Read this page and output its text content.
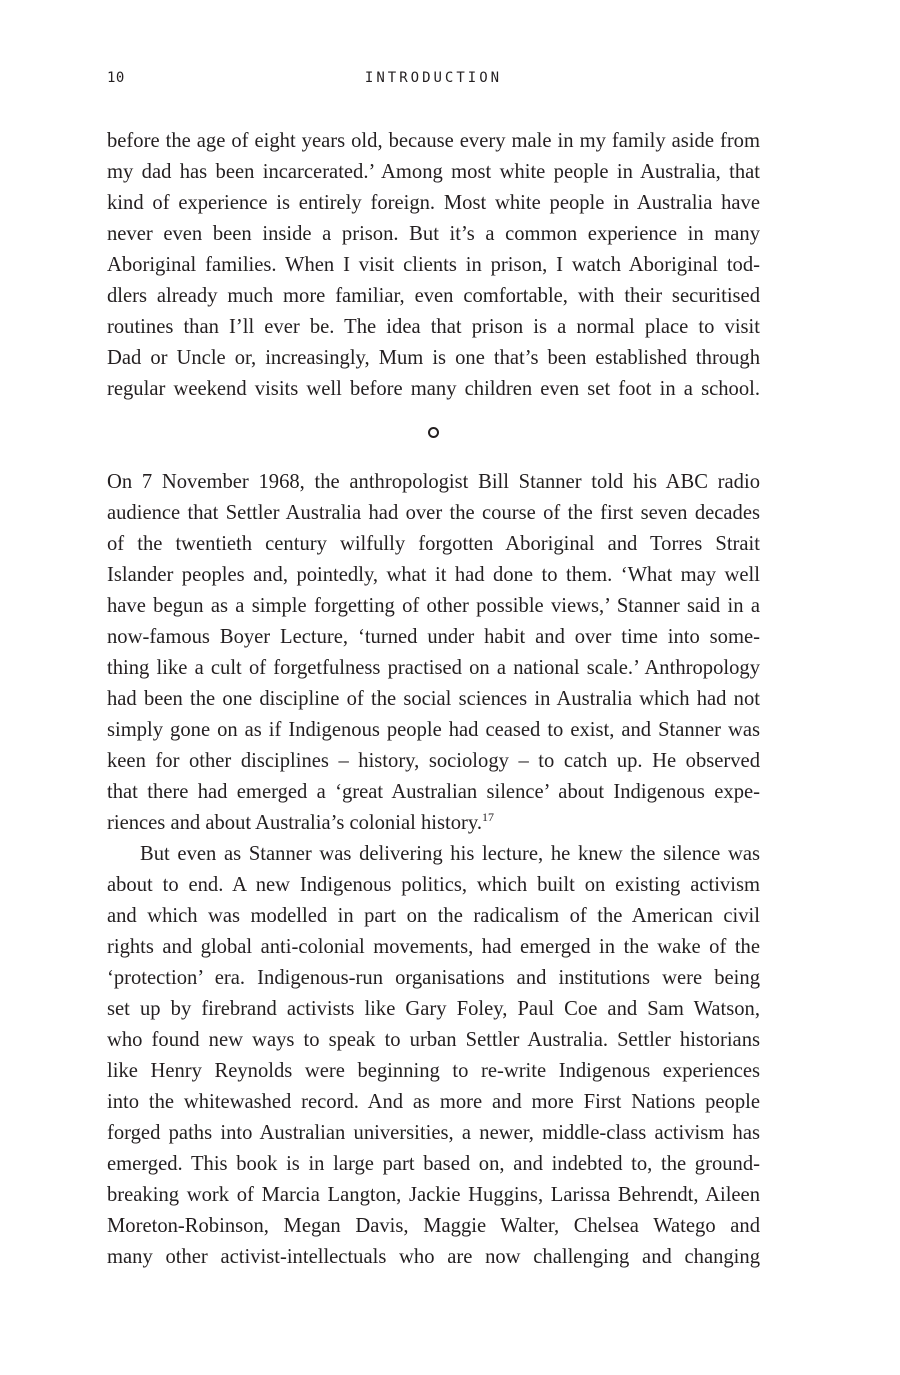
10	INTRODUCTION
before the age of eight years old, because every male in my family aside from
my dad has been incarcerated.’ Among most white people in Australia, that
kind of experience is entirely foreign. Most white people in Australia have
never even been inside a prison. But it’s a common experience in many
Aboriginal families. When I visit clients in prison, I watch Aboriginal tod-
dlers already much more familiar, even comfortable, with their securitised
routines than I’ll ever be. The idea that prison is a normal place to visit
Dad or Uncle or, increasingly, Mum is one that’s been established through
regular weekend visits well before many children even set foot in a school.
On 7 November 1968, the anthropologist Bill Stanner told his ABC radio
audience that Settler Australia had over the course of the first seven decades
of the twentieth century wilfully forgotten Aboriginal and Torres Strait
Islander peoples and, pointedly, what it had done to them. ‘What may well
have begun as a simple forgetting of other possible views,’ Stanner said in a
now-famous Boyer Lecture, ‘turned under habit and over time into some-
thing like a cult of forgetfulness practised on a national scale.’ Anthropology
had been the one discipline of the social sciences in Australia which had not
simply gone on as if Indigenous people had ceased to exist, and Stanner was
keen for other disciplines – history, sociology – to catch up. He observed
that there had emerged a ‘great Australian silence’ about Indigenous expe-
riences and about Australia’s colonial history.$^{17}$
But even as Stanner was delivering his lecture, he knew the silence was
about to end. A new Indigenous politics, which built on existing activism
and which was modelled in part on the radicalism of the American civil
rights and global anti-colonial movements, had emerged in the wake of the
‘protection’ era. Indigenous-run organisations and institutions were being
set up by firebrand activists like Gary Foley, Paul Coe and Sam Watson,
who found new ways to speak to urban Settler Australia. Settler historians
like Henry Reynolds were beginning to re-write Indigenous experiences
into the whitewashed record. And as more and more First Nations people
forged paths into Australian universities, a newer, middle-class activism has
emerged. This book is in large part based on, and indebted to, the ground-
breaking work of Marcia Langton, Jackie Huggins, Larissa Behrendt, Aileen
Moreton-Robinson, Megan Davis, Maggie Walter, Chelsea Watego and
many other activist-intellectuals who are now challenging and changing
